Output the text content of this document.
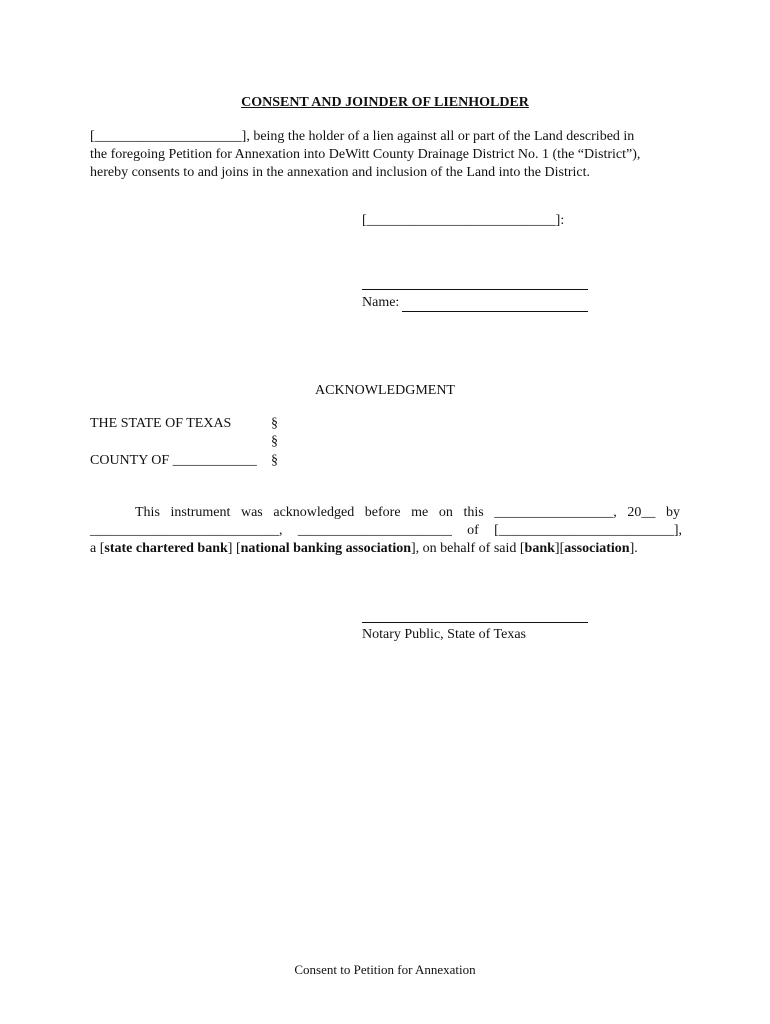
CONSENT AND JOINDER OF LIENHOLDER
[_____________________], being the holder of a lien against all or part of the Land described in
the foregoing Petition for Annexation into DeWitt County Drainage District No. 1 (the “District”),
hereby consents to and joins in the annexation and inclusion of the Land into the District.
[___________________________]:
Name:
ACKNOWLEDGMENT
THE STATE OF TEXAS
COUNTY OF ____________
§
§
§
This instrument was acknowledged before me on this _________________, 20__ by
___________________________, ______________________ of [_________________________],
a [state chartered bank] [national banking association], on behalf of said [bank][association].
Notary Public, State of Texas
Consent to Petition for Annexation
